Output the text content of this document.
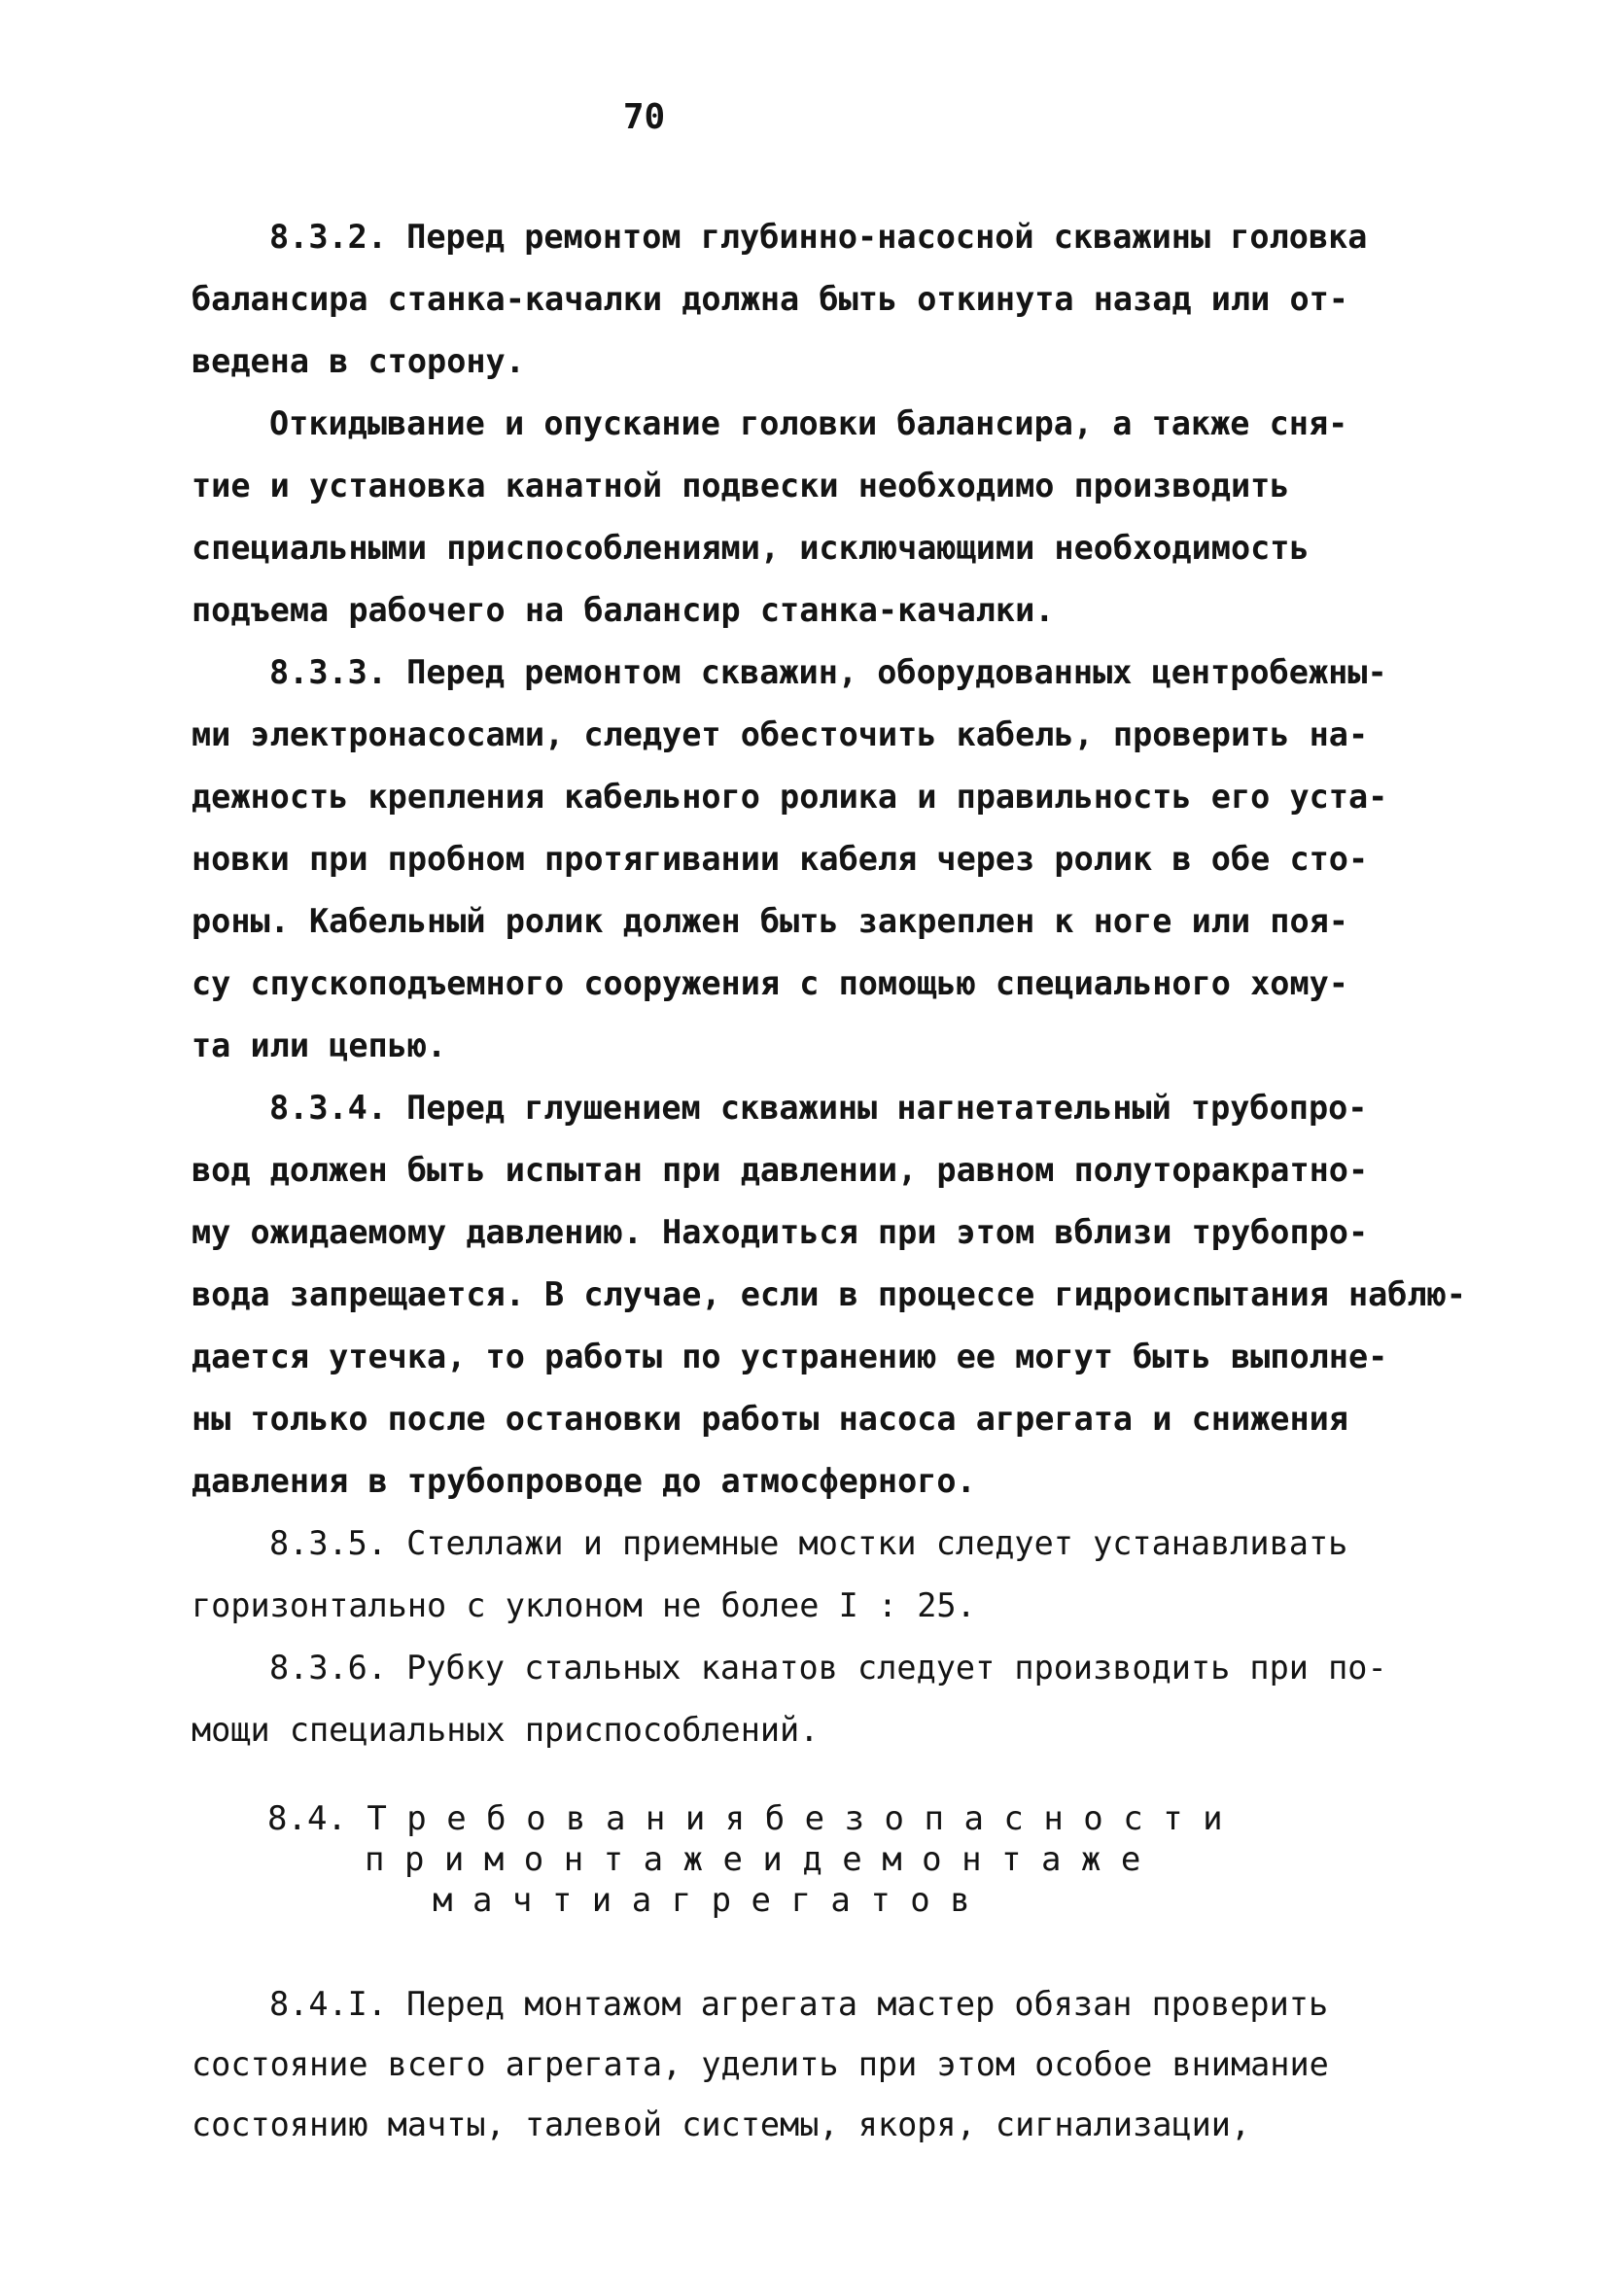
70
8.3.2. Перед ремонтом глубинно-насосной скважины головка
балансира станка-качалки должна быть откинута назад или от-
ведена в сторону.
Откидывание и опускание головки балансира, а также сня-
тие и установка канатной подвески необходимо производить
специальными приспособлениями, исключающими необходимость
подъема рабочего на балансир станка-качалки.
8.3.3. Перед ремонтом скважин, оборудованных центробежны-
ми электронасосами, следует обесточить кабель, проверить на-
дежность крепления кабельного ролика и правильность его уста-
новки при пробном протягивании кабеля через ролик в обе сто-
роны. Кабельный ролик должен быть закреплен к ноге или поя-
су спускоподъемного сооружения с помощью специального хому-
та или цепью.
8.3.4. Перед глушением скважины нагнетательный трубопро-
вод должен быть испытан при давлении, равном полуторакратно-
му ожидаемому давлению. Находиться при этом вблизи трубопро-
вода запрещается. В случае, если в процессе гидроиспытания наблю-
дается утечка, то работы по устранению ее могут быть выполне-
ны только после остановки работы насоса агрегата и снижения
давления в трубопроводе до атмосферного.
8.3.5. Стеллажи и приемные мостки следует устанавливать
горизонтально с уклоном не более I : 25.
8.3.6. Рубку стальных канатов следует производить при по-
мощи специальных приспособлений.
8.4. Т р е б о в а н и я б е з о п а с н о с т и
п р и м о н т а ж е и д е м о н т а ж е
м а ч т и а г р е г а т о в
8.4.I. Перед монтажом агрегата мастер обязан проверить
состояние всего агрегата, уделить при этом особое внимание
состоянию мачты, талевой системы, якоря, сигнализации,
